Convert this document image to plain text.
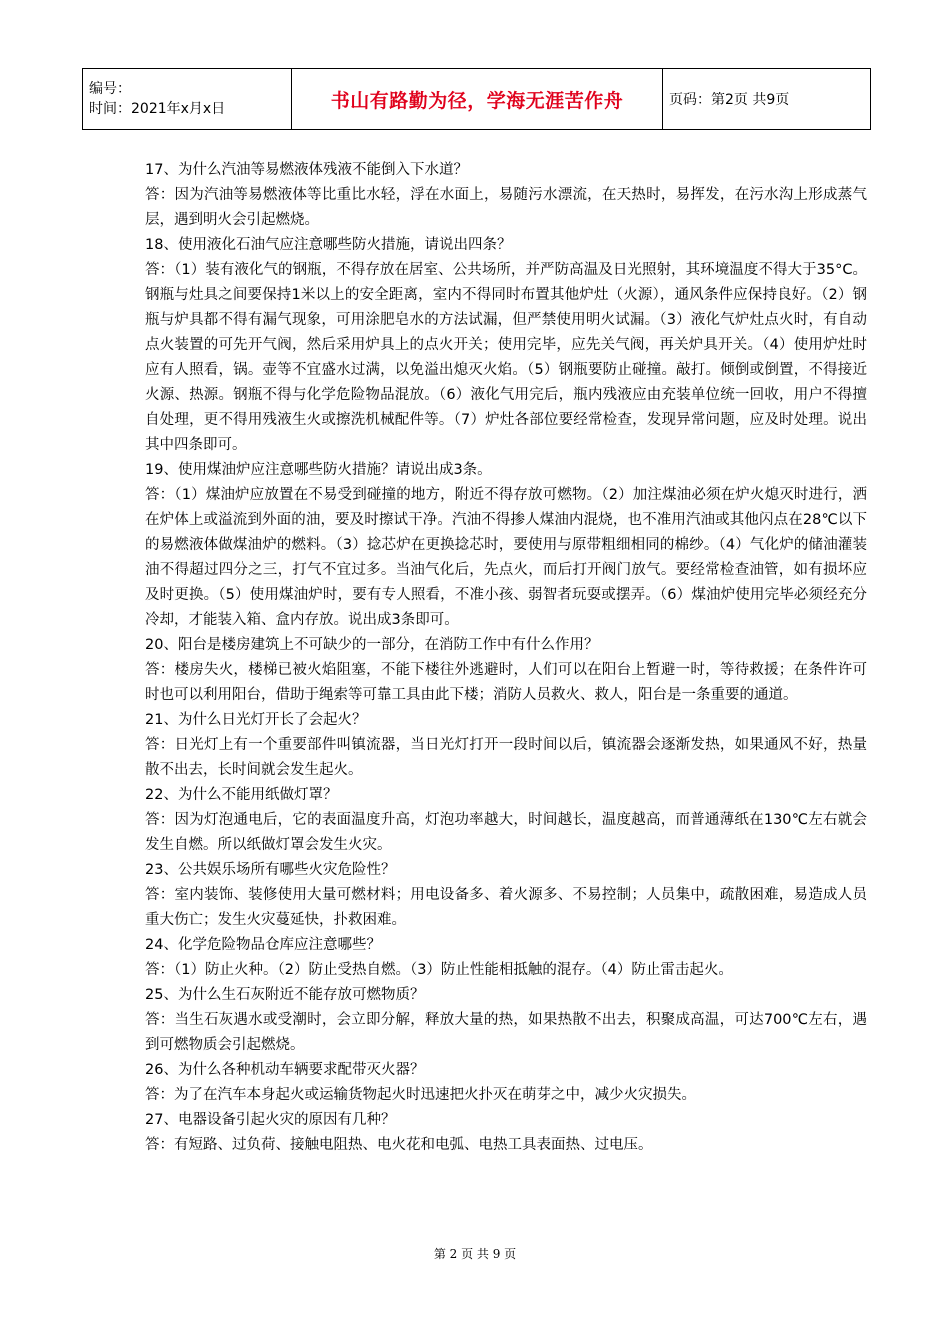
编号：
时间：2021年x月x日	书山有路勤为径，学海无涯苦作舟	页码：第2页 共9页

17、为什么汽油等易燃液体残液不能倒入下水道？

答：因为汽油等易燃液体等比重比水轻，浮在水面上，易随污水漂流，在天热时，易挥发，在污水沟上形成蒸气层，遇到明火会引起燃烧。

18、使用液化石油气应注意哪些防火措施，请说出四条？

答：（1）装有液化气的钢瓶，不得存放在居室、公共场所，并严防高温及日光照射，其环境温度不得大于35°C。钢瓶与灶具之间要保持1米以上的安全距离，室内不得同时布置其他炉灶（火源），通风条件应保持良好。（2）钢瓶与炉具都不得有漏气现象，可用涂肥皂水的方法试漏，但严禁使用明火试漏。（3）液化气炉灶点火时，有自动点火装置的可先开气阀，然后采用炉具上的点火开关；使用完毕，应先关气阀，再关炉具开关。（4）使用炉灶时应有人照看，锅。壶等不宜盛水过满，以免溢出熄灭火焰。（5）钢瓶要防止碰撞。敲打。倾倒或倒置，不得接近火源、热源。钢瓶不得与化学危险物品混放。（6）液化气用完后，瓶内残液应由充装单位统一回收，用户不得擅自处理，更不得用残液生火或擦洗机械配件等。（7）炉灶各部位要经常检查，发现异常问题，应及时处理。说出其中四条即可。

19、使用煤油炉应注意哪些防火措施？请说出成3条。

答：（1）煤油炉应放置在不易受到碰撞的地方，附近不得存放可燃物。（2）加注煤油必须在炉火熄灭时进行，洒在炉体上或溢流到外面的油，要及时擦试干净。汽油不得掺人煤油内混烧，也不准用汽油或其他闪点在28℃以下的易燃液体做煤油炉的燃料。（3）捻芯炉在更换捻芯时，要使用与原带粗细相同的棉纱。（4）气化炉的储油灌装油不得超过四分之三，打气不宜过多。当油气化后，先点火，而后打开阀门放气。要经常检查油管，如有损坏应及时更换。（5）使用煤油炉时，要有专人照看，不准小孩、弱智者玩耍或摆弄。（6）煤油炉使用完毕必须经充分冷却，才能装入箱、盒内存放。说出成3条即可。

20、阳台是楼房建筑上不可缺少的一部分，在消防工作中有什么作用？

答：楼房失火，楼梯已被火焰阻塞，不能下楼往外逃避时，人们可以在阳台上暂避一时，等待救援；在条件许可时也可以利用阳台，借助于绳索等可靠工具由此下楼；消防人员救火、救人，阳台是一条重要的通道。

21、为什么日光灯开长了会起火？

答：日光灯上有一个重要部件叫镇流器，当日光灯打开一段时间以后，镇流器会逐渐发热，如果通风不好，热量散不出去，长时间就会发生起火。

22、为什么不能用纸做灯罩？

答：因为灯泡通电后，它的表面温度升高，灯泡功率越大，时间越长，温度越高，而普通薄纸在130℃左右就会发生自燃。所以纸做灯罩会发生火灾。

23、公共娱乐场所有哪些火灾危险性？

答：室内装饰、装修使用大量可燃材料；用电设备多、着火源多、不易控制；人员集中，疏散困难，易造成人员重大伤亡；发生火灾蔓延快，扑救困难。

24、化学危险物品仓库应注意哪些？

答：（1）防止火种。（2）防止受热自燃。（3）防止性能相抵触的混存。（4）防止雷击起火。

25、为什么生石灰附近不能存放可燃物质？

答：当生石灰遇水或受潮时，会立即分解，释放大量的热，如果热散不出去，积聚成高温，可达700℃左右，遇到可燃物质会引起燃烧。

26、为什么各种机动车辆要求配带灭火器？

答：为了在汽车本身起火或运输货物起火时迅速把火扑灭在萌芽之中，减少火灾损失。

27、电器设备引起火灾的原因有几种？

答：有短路、过负荷、接触电阻热、电火花和电弧、电热工具表面热、过电压。

第 2 页 共 9 页
